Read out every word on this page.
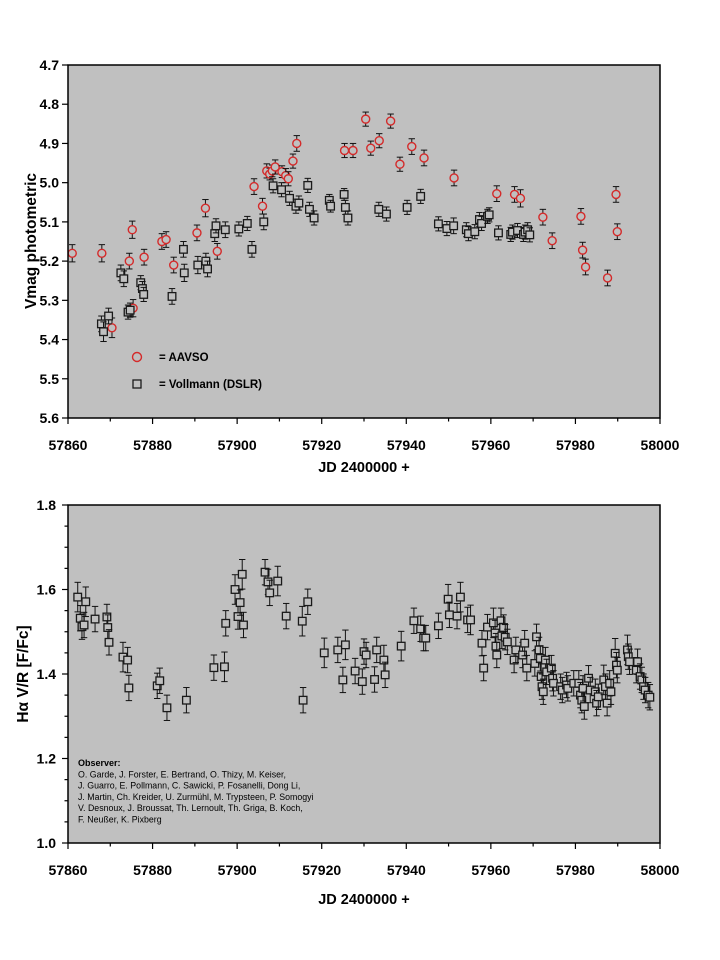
57860	57880	57900	57920	57940	57960	57980	58000
JD 2400000 +
4.7
4.8
4.9
5.0
5.1
5.2
5.3
5.4
5.5
5.6
Vmag photometric
= AAVSO
= Vollmann (DSLR)
57860	57880	57900	57920	57940	57960	57980	58000
JD 2400000 +
1.0
1.2
1.4
1.6
1.8
Hα V/R [F/Fc]
Observer:
O. Garde, J. Forster, E. Bertrand, O. Thizy, M. Keiser,
J. Guarro, E. Pollmann, C. Sawicki, P. Fosanelli, Dong Li,
J. Martin, Ch. Kreider, U. Zurmühl, M. Trypsteen, P. Somogyi
V. Desnoux, J. Broussat, Th. Lernoult, Th. Griga, B. Koch,
F. Neußer, K. Pixberg
